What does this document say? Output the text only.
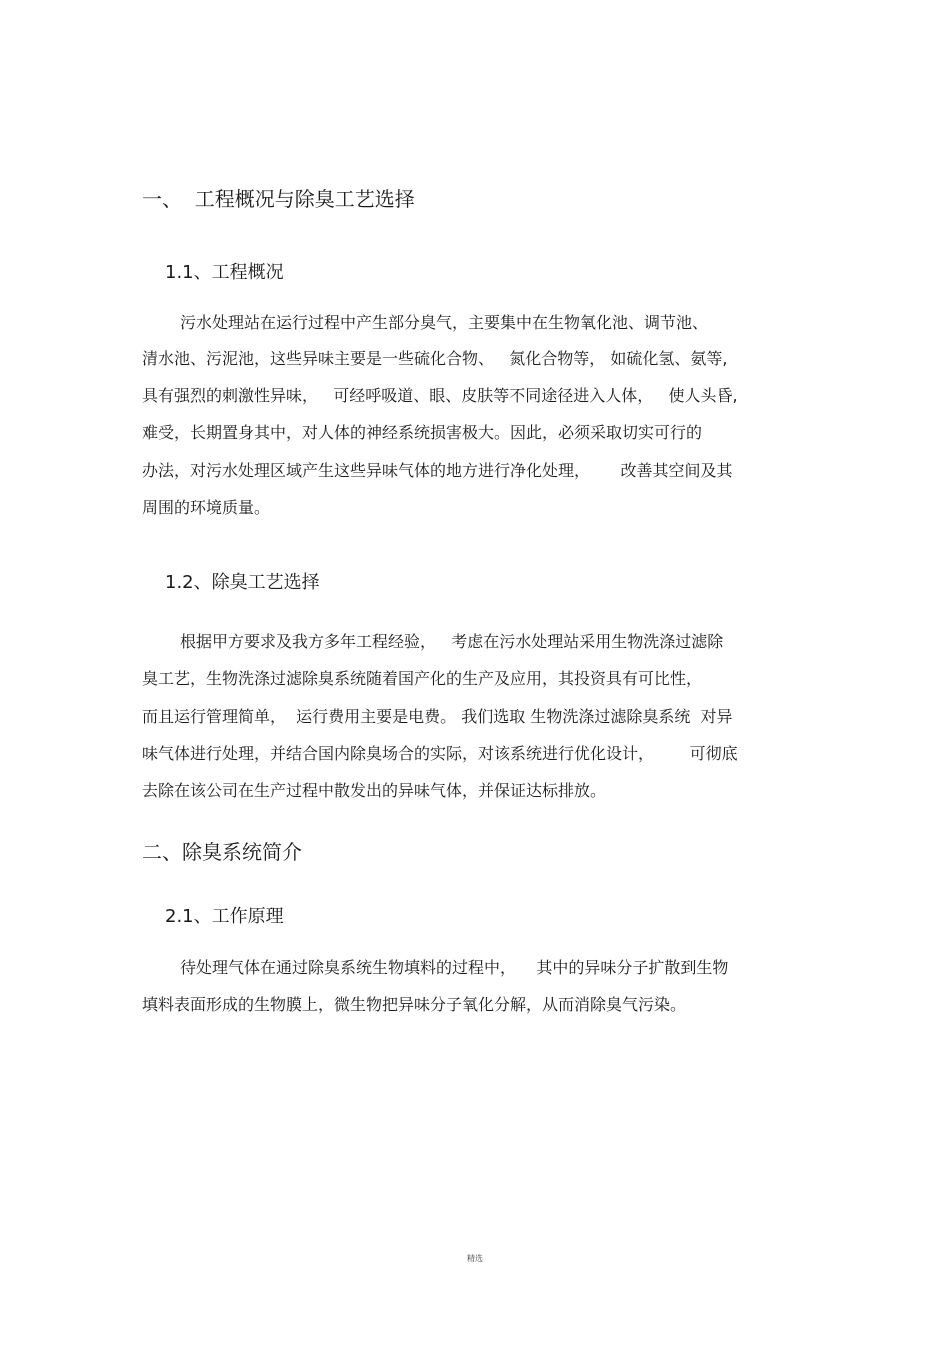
一、  工程概况与除臭工艺选择
1.1、工程概况
污水处理站在运行过程中产生部分臭气，主要集中在生物氧化池、调节池、
清水池、污泥池，这些异味主要是一些硫化合物、   氮化合物等， 如硫化氢、氨等,
具有强烈的刺激性异味，   可经呼吸道、眼、皮肤等不同途径进入人体，   使人头昏,
难受，长期置身其中，对人体的神经系统损害极大。因此，必须采取切实可行的
办法，对污水处理区域产生这些异味气体的地方进行净化处理，      改善其空间及其
周围的环境质量。
1.2、除臭工艺选择
根据甲方要求及我方多年工程经验，   考虑在污水处理站采用生物洗涤过滤除
臭工艺，生物洗涤过滤除臭系统随着国产化的生产及应用，其投资具有可比性，
而且运行管理简单，  运行费用主要是电费。 我们选取 生物洗涤过滤除臭系统  对异
味气体进行处理，并结合国内除臭场合的实际，对该系统进行优化设计，       可彻底
去除在该公司在生产过程中散发出的异味气体，并保证达标排放。
二、除臭系统简介
2.1、工作原理
待处理气体在通过除臭系统生物填料的过程中，    其中的异味分子扩散到生物
填料表面形成的生物膜上，微生物把异味分子氧化分解，从而消除臭气污染。
精选
